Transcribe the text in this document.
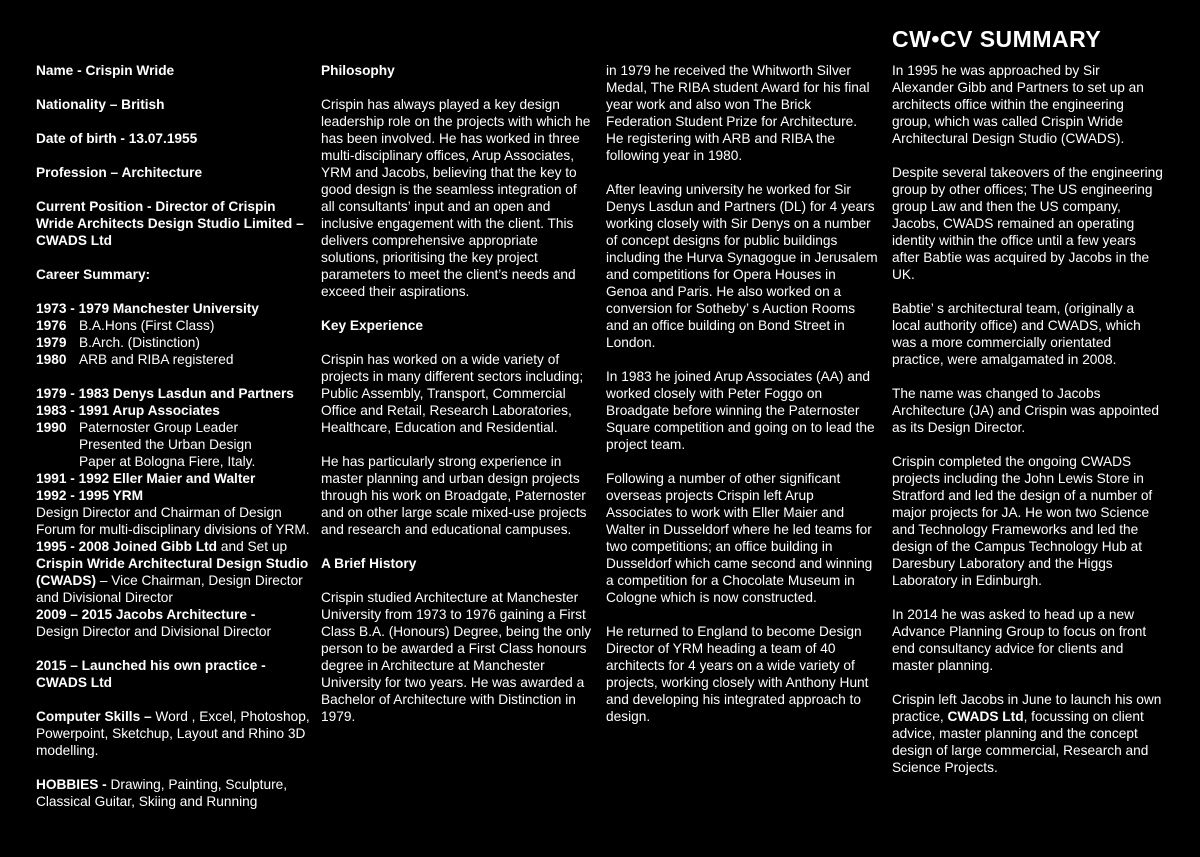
CW•CV SUMMARY

Name - Crispin Wride

Nationality – British

Date of birth - 13.07.1955

Profession – Architecture

Current Position - Director of Crispin Wride Architects Design Studio Limited – CWADS Ltd

Career Summary:

1973 - 1979 Manchester University
1976 B.A.Hons (First Class)
1979 B.Arch. (Distinction)
1980 ARB and RIBA registered

1979 - 1983 Denys Lasdun and Partners
1983 - 1991 Arup Associates
1990 Paternoster Group Leader
Presented the Urban Design
Paper at Bologna Fiere, Italy.
1991 - 1992 Eller Maier and Walter
1992 - 1995 YRM
Design Director and Chairman of Design Forum for multi-disciplinary divisions of YRM.
1995 - 2008 Joined Gibb Ltd and Set up Crispin Wride Architectural Design Studio (CWADS) – Vice Chairman, Design Director and Divisional Director
2009 – 2015 Jacobs Architecture -
Design Director and Divisional Director

2015 – Launched his own practice - CWADS Ltd

Computer Skills – Word , Excel, Photoshop, Powerpoint, Sketchup, Layout and Rhino 3D modelling.

HOBBIES - Drawing, Painting, Sculpture, Classical Guitar, Skiing and Running

Philosophy

Crispin has always played a key design leadership role on the projects with which he has been involved. He has worked in three multi-disciplinary offices, Arup Associates, YRM and Jacobs, believing that the key to good design is the seamless integration of all consultants’ input and an open and inclusive engagement with the client. This delivers comprehensive appropriate solutions, prioritising the key project parameters to meet the client’s needs and exceed their aspirations.

Key Experience

Crispin has worked on a wide variety of projects in many different sectors including; Public Assembly, Transport, Commercial Office and Retail, Research Laboratories, Healthcare, Education and Residential.

He has particularly strong experience in master planning and urban design projects through his work on Broadgate, Paternoster and on other large scale mixed-use projects and research and educational campuses.

A Brief History

Crispin studied Architecture at Manchester University from 1973 to 1976 gaining a First Class B.A. (Honours) Degree, being the only person to be awarded a First Class honours degree in Architecture at Manchester University for two years. He was awarded a Bachelor of Architecture with Distinction in 1979.

in 1979 he received the Whitworth Silver Medal, The RIBA student Award for his final year work and also won The Brick Federation Student Prize for Architecture. He registering with ARB and RIBA the following year in 1980.

After leaving university he worked for Sir Denys Lasdun and Partners (DL) for 4 years working closely with Sir Denys on a number of concept designs for public buildings including the Hurva Synagogue in Jerusalem and competitions for Opera Houses in Genoa and Paris. He also worked on a conversion for Sotheby’ s Auction Rooms and an office building on Bond Street in London.

In 1983 he joined Arup Associates (AA) and worked closely with Peter Foggo on Broadgate before winning the Paternoster Square competition and going on to lead the project team.

Following a number of other significant overseas projects Crispin left Arup Associates to work with Eller Maier and Walter in Dusseldorf where he led teams for two competitions; an office building in Dusseldorf which came second and winning a competition for a Chocolate Museum in Cologne which is now constructed.

He returned to England to become Design Director of YRM heading a team of 40 architects for 4 years on a wide variety of projects, working closely with Anthony Hunt and developing his integrated approach to design.

In 1995 he was approached by Sir Alexander Gibb and Partners to set up an architects office within the engineering group, which was called Crispin Wride Architectural Design Studio (CWADS).

Despite several takeovers of the engineering group by other offices; The US engineering group Law and then the US company, Jacobs, CWADS remained an operating identity within the office until a few years after Babtie was acquired by Jacobs in the UK.

Babtie’ s architectural team, (originally a local authority office) and CWADS, which was a more commercially orientated practice, were amalgamated in 2008.

The name was changed to Jacobs Architecture (JA) and Crispin was appointed as its Design Director.

Crispin completed the ongoing CWADS projects including the John Lewis Store in Stratford and led the design of a number of major projects for JA. He won two Science and Technology Frameworks and led the design of the Campus Technology Hub at Daresbury Laboratory and the Higgs Laboratory in Edinburgh.

In 2014 he was asked to head up a new Advance Planning Group to focus on front end consultancy advice for clients and master planning.

Crispin left Jacobs in June to launch his own practice, CWADS Ltd, focussing on client advice, master planning and the concept design of large commercial, Research and Science Projects.
